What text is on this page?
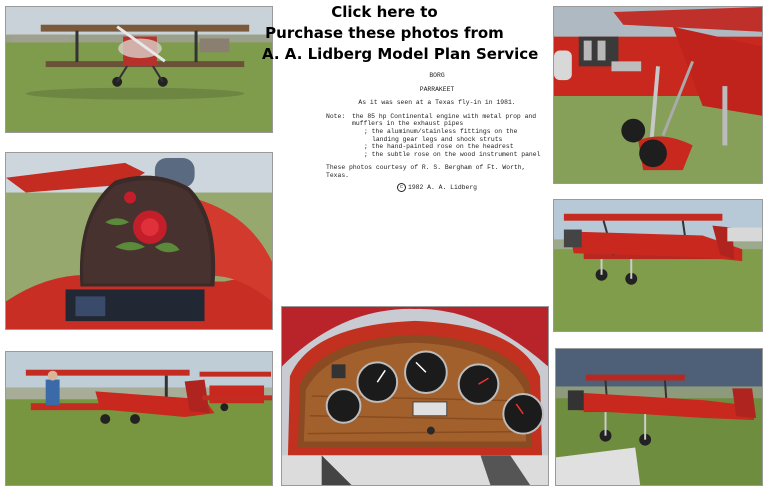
Click here to
Purchase these photos from
A. A. Lidberg Model Plan Service
BORG
PARRAKEET
As it was seen at a Texas fly-in in 1981.
Note:	the 85 hp Continental engine with metal prop and mufflers in the exhaust pipes
; the aluminum/stainless fittings on the landing gear legs and shock struts
; the hand-painted rose on the headrest
; the subtle rose on the wood instrument panel
These photos courtesy of R. S. Bergham of Ft. Worth, Texas.
c 1982 A. A. Lidberg
